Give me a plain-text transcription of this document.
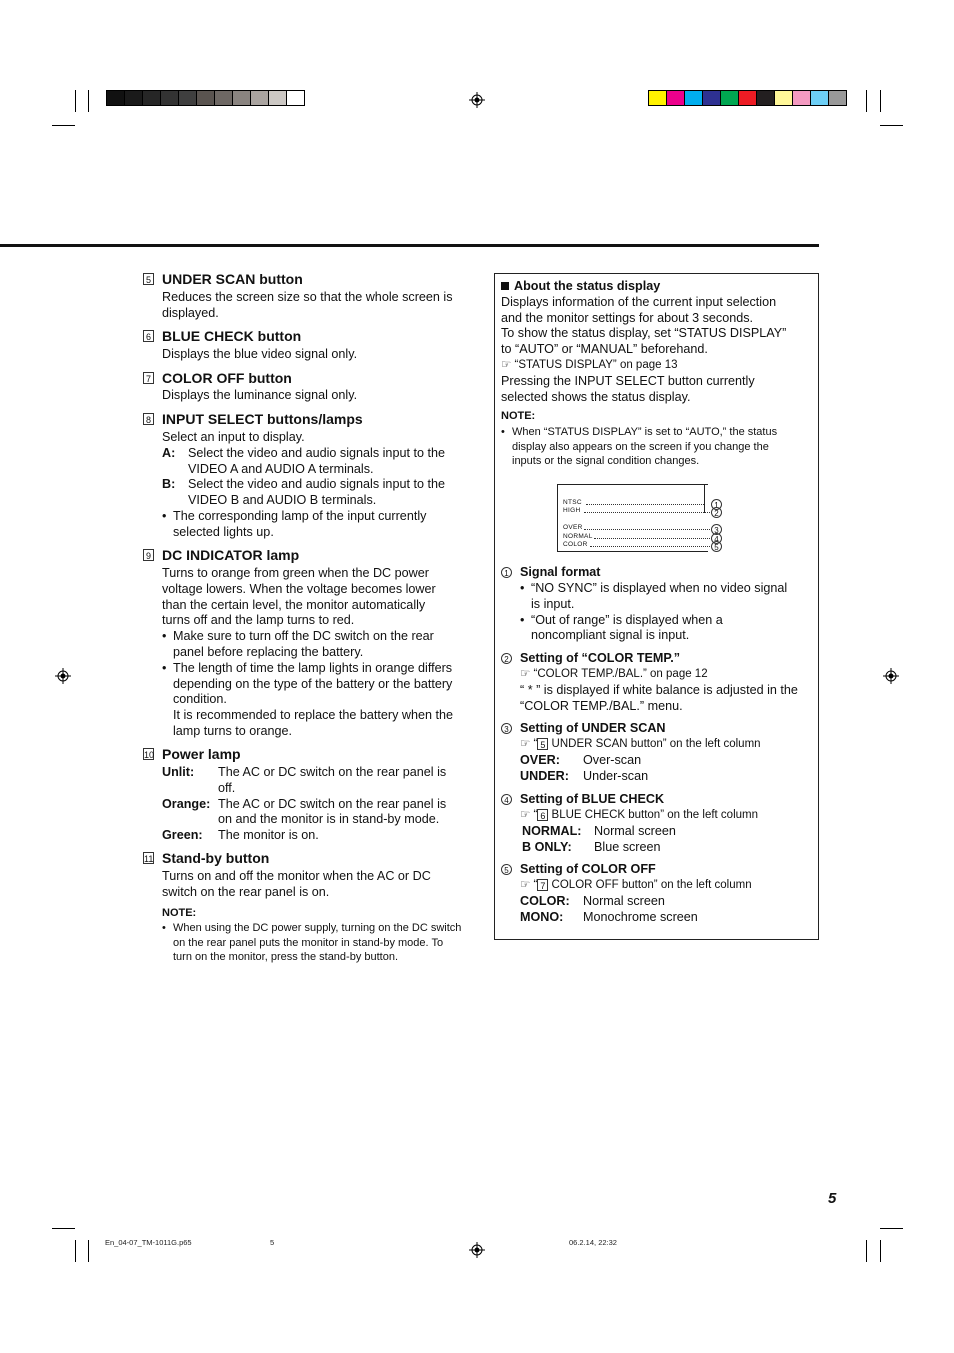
5 UNDER SCAN button
Reduces the screen size so that the whole screen is
displayed.
6 BLUE CHECK button
Displays the blue video signal only.
7 COLOR OFF button
Displays the luminance signal only.
8 INPUT SELECT buttons/lamps
Select an input to display.
A:	Select the video and audio signals input to the
VIDEO A and AUDIO A terminals.
B:	Select the video and audio signals input to the
VIDEO B and AUDIO B terminals.
• The corresponding lamp of the input currently
selected lights up.
9 DC INDICATOR lamp
Turns to orange from green when the DC power
voltage lowers. When the voltage becomes lower
than the certain level, the monitor automatically
turns off and the lamp turns to red.
• Make sure to turn off the DC switch on the rear
panel before replacing the battery.
• The length of time the lamp lights in orange differs
depending on the type of the battery or the battery
condition.
It is recommended to replace the battery when the
lamp turns to orange.
10 Power lamp
Unlit:	The AC or DC switch on the rear panel is
off.
Orange: The AC or DC switch on the rear panel is
on and the monitor is in stand-by mode.
Green:	The monitor is on.
11 Stand-by button
Turns on and off the monitor when the AC or DC
switch on the rear panel is on.
NOTE:
• When using the DC power supply, turning on the DC switch
on the rear panel puts the monitor in stand-by mode. To
turn on the monitor, press the stand-by button.
About the status display
Displays information of the current input selection
and the monitor settings for about 3 seconds.
To show the status display, set “STATUS DISPLAY”
to “AUTO” or “MANUAL” beforehand.
☞ “STATUS DISPLAY” on page 13
Pressing the INPUT SELECT button currently
selected shows the status display.
NOTE:
• When “STATUS DISPLAY” is set to “AUTO,” the status
display also appears on the screen if you change the
inputs or the signal condition changes.
NTSC
HIGH
OVER
NORMAL
COLOR
1
2
3
4
5
1 Signal format
• “NO SYNC” is displayed when no video signal
is input.
• “Out of range” is displayed when a
noncompliant signal is input.
2 Setting of “COLOR TEMP.”
☞ “COLOR TEMP./BAL.” on page 12
“ * ” is displayed if white balance is adjusted in the
“COLOR TEMP./BAL.” menu.
3 Setting of UNDER SCAN
☞ “ 5 UNDER SCAN button” on the left column
OVER:	Over-scan
UNDER:	Under-scan
4 Setting of BLUE CHECK
☞ “ 6 BLUE CHECK button” on the left column
NORMAL: Normal screen
B ONLY:	Blue screen
5 Setting of COLOR OFF
☞ “ 7 COLOR OFF button” on the left column
COLOR:	Normal screen
MONO:	Monochrome screen
5
En_04-07_TM-1011G.p65	5	06.2.14, 22:32
